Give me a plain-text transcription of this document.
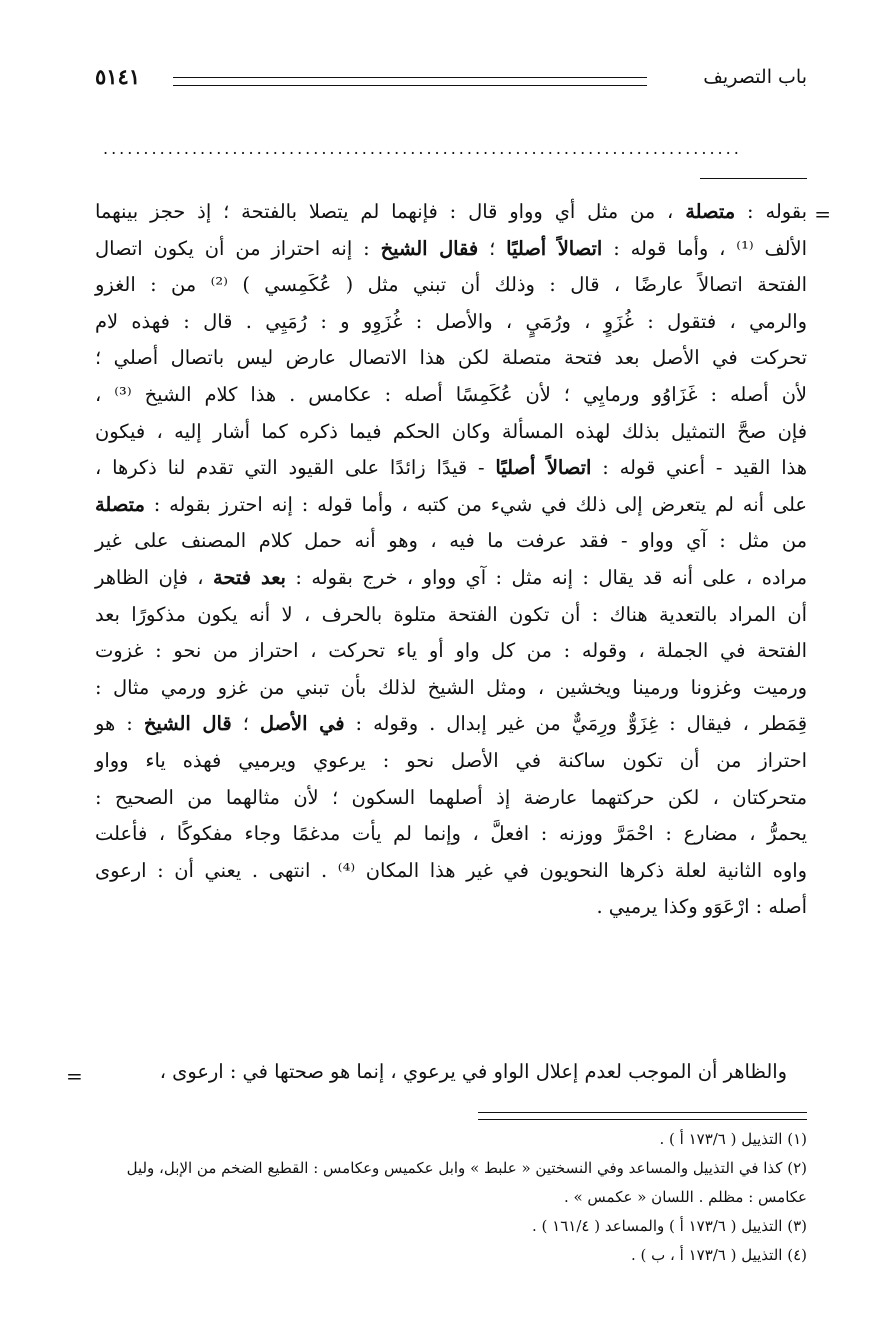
باب التصريف
٥١٤١
...............................................................................
=

بقوله : متصلة ، من مثل أي وواو قال : فإنهما لم يتصلا بالفتحة ؛ إذ حجز بينهما

الألف ⁽¹⁾ ، وأما قوله : اتصالاً أصليًا ؛ فقال الشيخ : إنه احتراز من أن يكون اتصال

الفتحة اتصالاً عارضًا ، قال : وذلك أن تبني مثل ( عُكَمِسي ) ⁽²⁾ من : الغزو

والرمي ، فتقول : غُزَوٍ ، ورُمَيٍ ، والأصل : غُزَوِو و : رُمَيِي . قال : فهذه لام

تحركت في الأصل بعد فتحة متصلة لكن هذا الاتصال عارض ليس باتصال أصلي ؛

لأن أصله : غَزَاوُو ورمايِي ؛ لأن عُكَمِسًا أصله : عكامس . هذا كلام الشيخ ⁽³⁾ ،

فإن صحَّ التمثيل بذلك لهذه المسألة وكان الحكم فيما ذكره كما أشار إليه ، فيكون

هذا القيد - أعني قوله : اتصالاً أصليًا - قيدًا زائدًا على القيود التي تقدم لنا ذكرها ،

على أنه لم يتعرض إلى ذلك في شيء من كتبه ، وأما قوله : إنه احترز بقوله : متصلة

من مثل : آي وواو - فقد عرفت ما فيه ، وهو أنه حمل كلام المصنف على غير

مراده ، على أنه قد يقال : إنه مثل : آي وواو ، خرج بقوله : بعد فتحة ، فإن الظاهر

أن المراد بالتعدية هناك : أن تكون الفتحة متلوة بالحرف ، لا أنه يكون مذكورًا بعد

الفتحة في الجملة ، وقوله : من كل واو أو ياء تحركت ، احتراز من نحو : غزوت

ورميت وغزونا ورمينا ويخشين ، ومثل الشيخ لذلك بأن تبني من غزو ورمي مثال :

قِمَطر ، فيقال : غِزَوٌّ ورِمَيٌّ من غير إبدال . وقوله : في الأصل ؛ قال الشيخ : هو

احتراز من أن تكون ساكنة في الأصل نحو : يرعوي ويرميي فهذه ياء وواو

متحركتان ، لكن حركتهما عارضة إذ أصلهما السكون ؛ لأن مثالهما من الصحيح :

يحمرُّ ، مضارع : احْمَرَّ ووزنه : افعلَّ ، وإنما لم يأت مدغمًا وجاء مفكوكًا ، فأعلت

واوه الثانية لعلة ذكرها النحويون في غير هذا المكان ⁽⁴⁾ . انتهى . يعني أن : ارعوى

أصله : ارْعَوَو وكذا يرميي .

والظاهر أن الموجب لعدم إعلال الواو في يرعوي ، إنما هو صحتها في : ارعوى ،
=

(١) التذييل ( ١٧٣/٦ أ ) .

(٢) كذا في التذييل والمساعد وفي النسختين « علبط » وابل عكميس وعكامس : القطيع الضخم من الإبل، وليل عكامس : مظلم . اللسان « عكمس » .

(٣) التذييل ( ١٧٣/٦ أ ) والمساعد ( ١٦١/٤ ) .

(٤) التذييل ( ١٧٣/٦ أ ، ب ) .
